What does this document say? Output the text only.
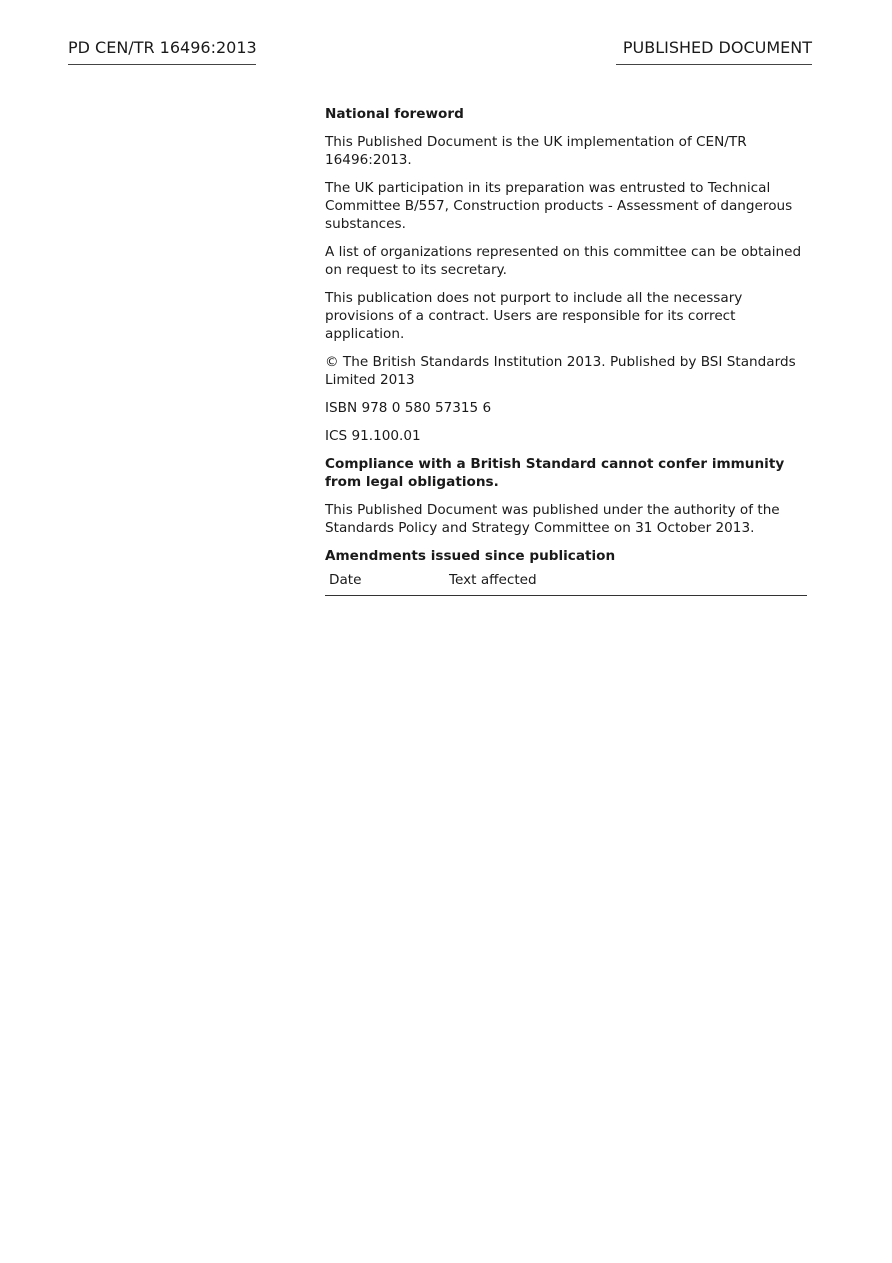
PD CEN/TR 16496:2013	PUBLISHED DOCUMENT

National foreword

This Published Document is the UK implementation of CEN/TR 16496:2013.

The UK participation in its preparation was entrusted to Technical Committee B/557, Construction products - Assessment of dangerous substances.

A list of organizations represented on this committee can be obtained on request to its secretary.

This publication does not purport to include all the necessary provisions of a contract. Users are responsible for its correct application.

© The British Standards Institution 2013. Published by BSI Standards Limited 2013

ISBN 978 0 580 57315 6

ICS 91.100.01

Compliance with a British Standard cannot confer immunity from legal obligations.

This Published Document was published under the authority of the Standards Policy and Strategy Committee on 31 October 2013.

Amendments issued since publication
Date	Text affected
